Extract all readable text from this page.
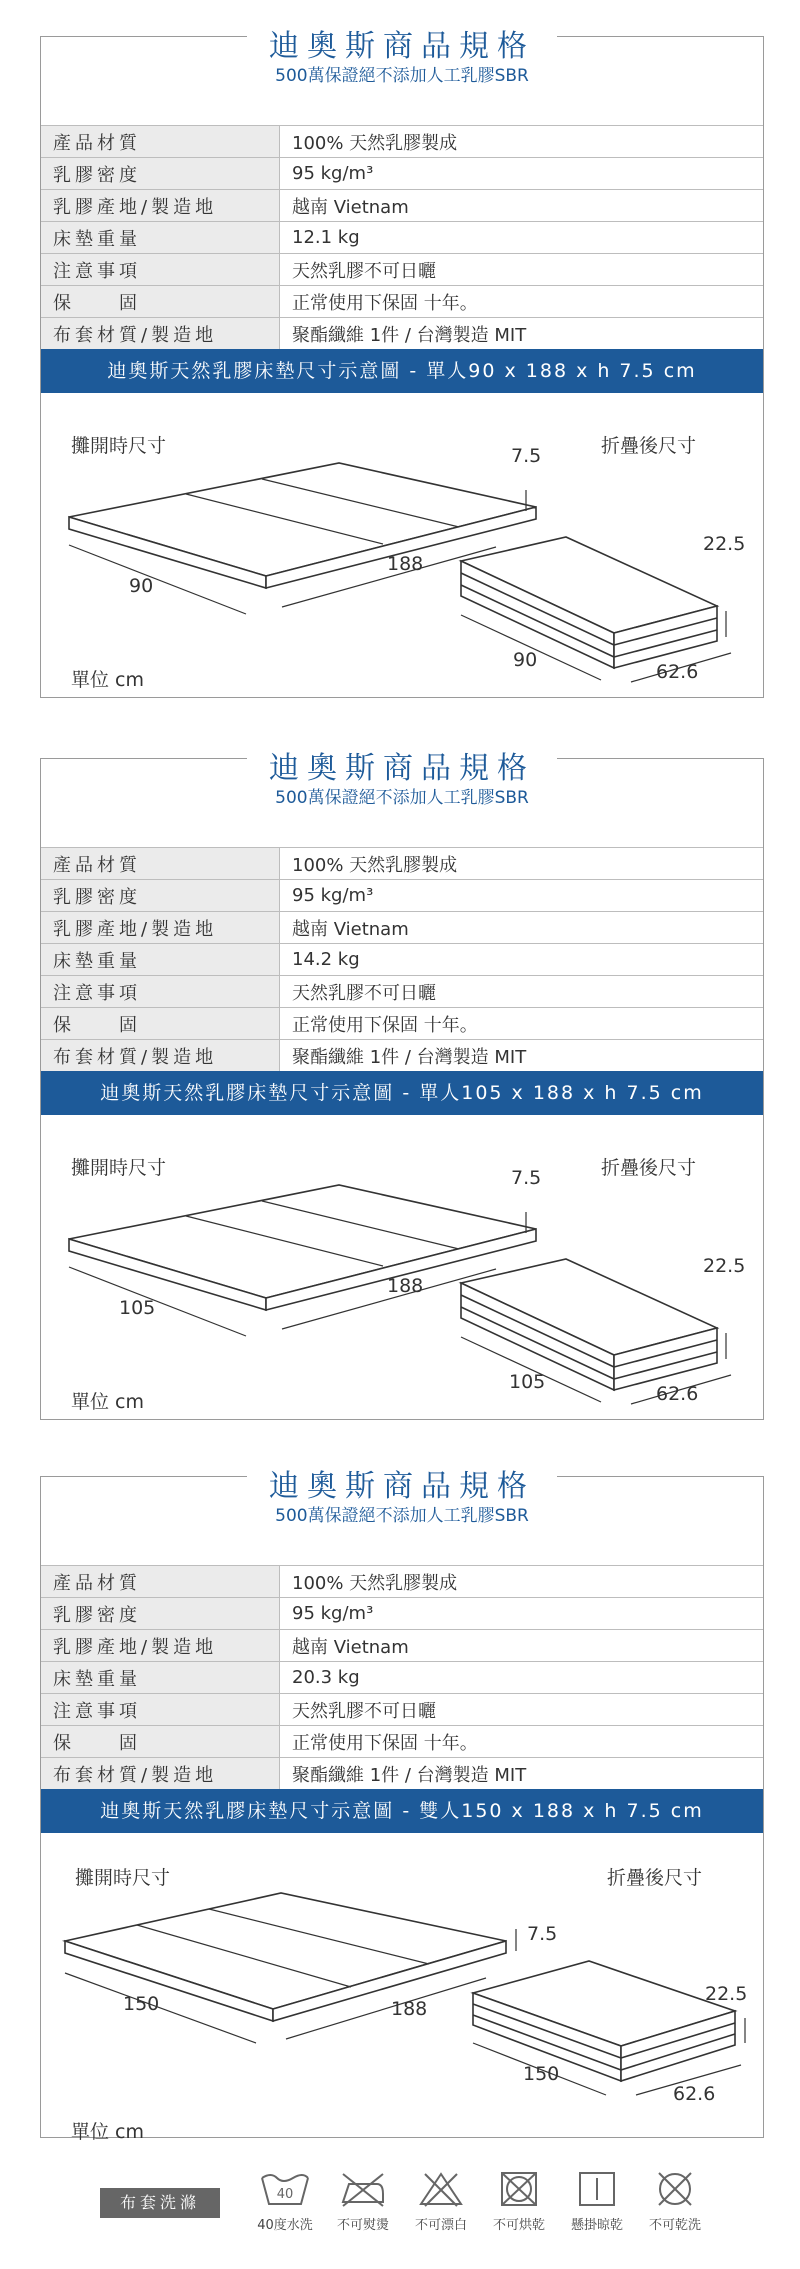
迪奧斯商品規格
500萬保證絕不添加人工乳膠SBR
產品材質	100% 天然乳膠製成
乳膠密度	95 kg/m³
乳膠產地/製造地	越南 Vietnam
床墊重量	12.1 kg
注意事項	天然乳膠不可日曬
保　　固	正常使用下保固 十年。
布套材質/製造地	聚酯纖維 1件 / 台灣製造 MIT
迪奧斯天然乳膠床墊尺寸示意圖 - 單人90 x 188 x h 7.5 cm
攤開時尺寸	折疊後尺寸
單位 cm
7.5
188
90
22.5
90
62.6
迪奧斯商品規格
500萬保證絕不添加人工乳膠SBR
產品材質	100% 天然乳膠製成
乳膠密度	95 kg/m³
乳膠產地/製造地	越南 Vietnam
床墊重量	14.2 kg
注意事項	天然乳膠不可日曬
保　　固	正常使用下保固 十年。
布套材質/製造地	聚酯纖維 1件 / 台灣製造 MIT
迪奧斯天然乳膠床墊尺寸示意圖 - 單人105 x 188 x h 7.5 cm
攤開時尺寸	折疊後尺寸
單位 cm
7.5
188
105
22.5
105
62.6
迪奧斯商品規格
500萬保證絕不添加人工乳膠SBR
產品材質	100% 天然乳膠製成
乳膠密度	95 kg/m³
乳膠產地/製造地	越南 Vietnam
床墊重量	20.3 kg
注意事項	天然乳膠不可日曬
保　　固	正常使用下保固 十年。
布套材質/製造地	聚酯纖維 1件 / 台灣製造 MIT
迪奧斯天然乳膠床墊尺寸示意圖 - 雙人150 x 188 x h 7.5 cm
攤開時尺寸	折疊後尺寸
單位 cm
7.5
188
150	22.5
150
62.6
布套洗滌	40
40度水洗	不可熨燙	不可漂白	不可烘乾	懸掛晾乾	不可乾洗
